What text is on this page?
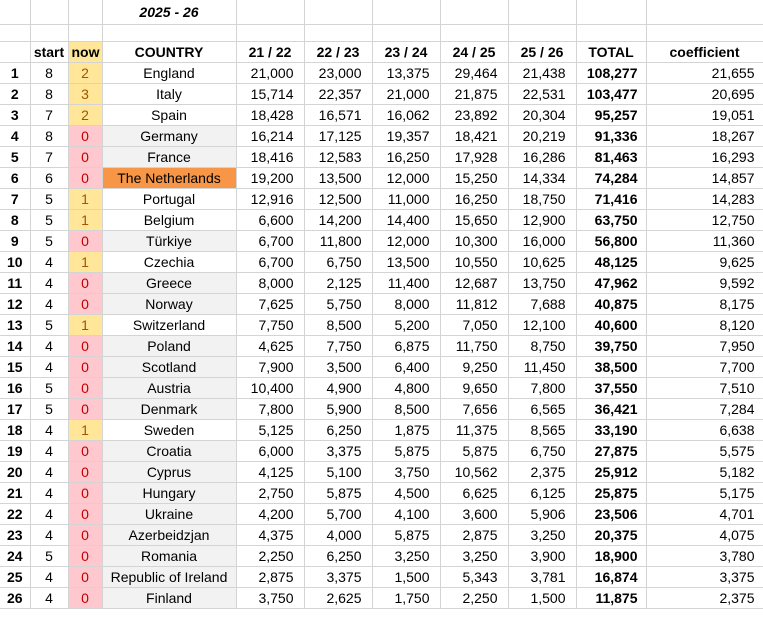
			2025 - 26							

	start	now	COUNTRY	21 / 22	22 / 23	23 / 24	24 / 25	25 / 26	TOTAL	coefficient
1	8	2	England	21,000	23,000	13,375	29,464	21,438	108,277	21,655
2	8	3	Italy	15,714	22,357	21,000	21,875	22,531	103,477	20,695
3	7	2	Spain	18,428	16,571	16,062	23,892	20,304	95,257	19,051
4	8	0	Germany	16,214	17,125	19,357	18,421	20,219	91,336	18,267
5	7	0	France	18,416	12,583	16,250	17,928	16,286	81,463	16,293
6	6	0	The Netherlands	19,200	13,500	12,000	15,250	14,334	74,284	14,857
7	5	1	Portugal	12,916	12,500	11,000	16,250	18,750	71,416	14,283
8	5	1	Belgium	6,600	14,200	14,400	15,650	12,900	63,750	12,750
9	5	0	Türkiye	6,700	11,800	12,000	10,300	16,000	56,800	11,360
10	4	1	Czechia	6,700	6,750	13,500	10,550	10,625	48,125	9,625
11	4	0	Greece	8,000	2,125	11,400	12,687	13,750	47,962	9,592
12	4	0	Norway	7,625	5,750	8,000	11,812	7,688	40,875	8,175
13	5	1	Switzerland	7,750	8,500	5,200	7,050	12,100	40,600	8,120
14	4	0	Poland	4,625	7,750	6,875	11,750	8,750	39,750	7,950
15	4	0	Scotland	7,900	3,500	6,400	9,250	11,450	38,500	7,700
16	5	0	Austria	10,400	4,900	4,800	9,650	7,800	37,550	7,510
17	5	0	Denmark	7,800	5,900	8,500	7,656	6,565	36,421	7,284
18	4	1	Sweden	5,125	6,250	1,875	11,375	8,565	33,190	6,638
19	4	0	Croatia	6,000	3,375	5,875	5,875	6,750	27,875	5,575
20	4	0	Cyprus	4,125	5,100	3,750	10,562	2,375	25,912	5,182
21	4	0	Hungary	2,750	5,875	4,500	6,625	6,125	25,875	5,175
22	4	0	Ukraine	4,200	5,700	4,100	3,600	5,906	23,506	4,701
23	4	0	Azerbeidzjan	4,375	4,000	5,875	2,875	3,250	20,375	4,075
24	5	0	Romania	2,250	6,250	3,250	3,250	3,900	18,900	3,780
25	4	0	Republic of Ireland	2,875	3,375	1,500	5,343	3,781	16,874	3,375
26	4	0	Finland	3,750	2,625	1,750	2,250	1,500	11,875	2,375
